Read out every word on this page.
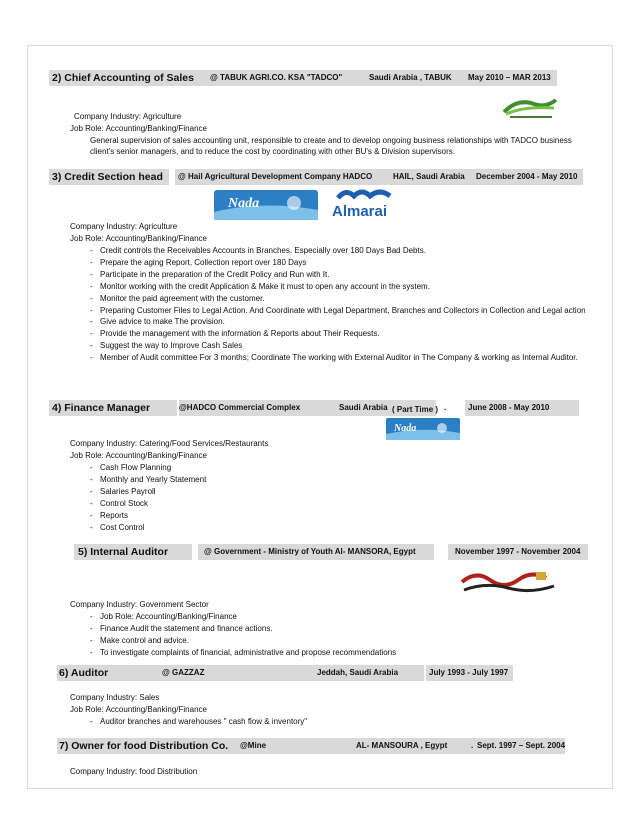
2) Chief Accounting of Sales @ TABUK AGRI.CO. KSA "TADCO"	Saudi Arabia , TABUK May 2010 – MAR 2013
Company Industry: Agriculture
Job Role: Accounting/Banking/Finance
General supervision of sales accounting unit, responsible to create and to develop ongoing business relationships with TADCO business client's senior managers, and to reduce the cost by coordinating with other BU's & Division supervisors.
3) Credit Section head @ Hail Agricultural Development Company HADCO	HAIL, Saudi Arabia December 2004 - May 2010
Nada	Almarai
Company Industry: Agriculture
Job Role: Accounting/Banking/Finance
- Credit controls the Receivables Accounts in Branches. Especially over 180 Days Bad Debts.
- Prepare the aging Report, Collection report over 180 Days
- Participate in the preparation of the Credit Policy and Run with It.
- Monitor working with the credit Application & Make it must to open any account in the system.
- Monitor the paid agreement with the customer.
- Preparing Customer Files to Legal Action. And Coordinate with Legal Department, Branches and Collectors in Collection and Legal action
- Give advice to make The provision.
- Provide the management with the information & Reports about Their Requests.
- Suggest the way to Improve Cash Sales
- Member of Audit committee For 3 months; Coordinate The working with External Auditor in The Company & working as Internal Auditor.
4) Finance Manager	@HADCO Commercial Complex	Saudi Arabia ( Part Time ) .	June 2008 - May 2010
Nada
Company Industry: Catering/Food Services/Restaurants
Job Role: Accounting/Banking/Finance
- Cash Flow Planning
- Monthly and Yearly Statement
- Salaries Payroll
- Control Stock
- Reports
- Cost Control
5) Internal Auditor	@ Government - Ministry of Youth Al- MANSORA, Egypt	November 1997 - November 2004
Company Industry: Government Sector
- Job Role: Accounting/Banking/Finance
- Finance Audit the statement and finance actions.
- Make control and advice.
- To investigate complaints of financial, administrative and propose recommendations
6) Auditor	@ GAZZAZ	Jeddah, Saudi Arabia	July 1993 - July 1997
Company Industry: Sales
Job Role: Accounting/Banking/Finance
- Auditor branches and warehouses " cash flow & inventory"
7) Owner for food Distribution Co. @Mine	AL- MANSOURA , Egypt	. Sept. 1997 – Sept. 2004
Company Industry: food Distribution
